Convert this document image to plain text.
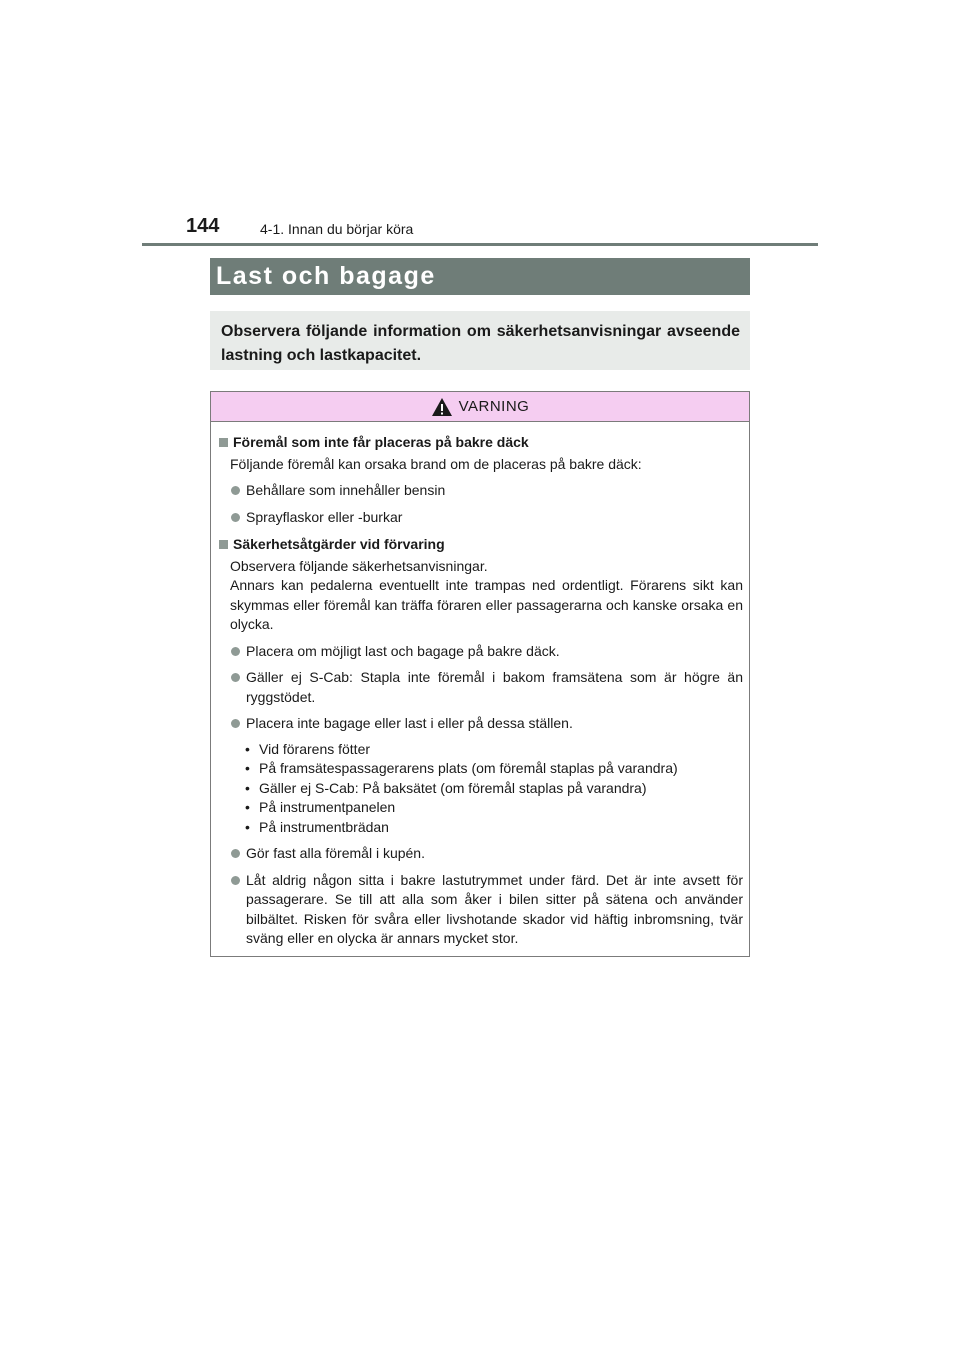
144	4-1. Innan du börjar köra
Last och bagage
Observera följande information om säkerhetsanvisningar avseende lastning och lastkapacitet.
VARNING
Föremål som inte får placeras på bakre däck
Följande föremål kan orsaka brand om de placeras på bakre däck:
Behållare som innehåller bensin
Sprayflaskor eller -burkar
Säkerhetsåtgärder vid förvaring
Observera följande säkerhetsanvisningar.
Annars kan pedalerna eventuellt inte trampas ned ordentligt. Förarens sikt kan skymmas eller föremål kan träffa föraren eller passagerarna och kanske orsaka en olycka.
Placera om möjligt last och bagage på bakre däck.
Gäller ej S-Cab: Stapla inte föremål i bakom framsätena som är högre än ryggstödet.
Placera inte bagage eller last i eller på dessa ställen.
• Vid förarens fötter
• På framsätespassagerarens plats (om föremål staplas på varandra)
• Gäller ej S-Cab: På baksätet (om föremål staplas på varandra)
• På instrumentpanelen
• På instrumentbrädan
Gör fast alla föremål i kupén.
Låt aldrig någon sitta i bakre lastutrymmet under färd. Det är inte avsett för passagerare. Se till att alla som åker i bilen sitter på sätena och använder bilbältet. Risken för svåra eller livshotande skador vid häftig inbromsning, tvär sväng eller en olycka är annars mycket stor.
